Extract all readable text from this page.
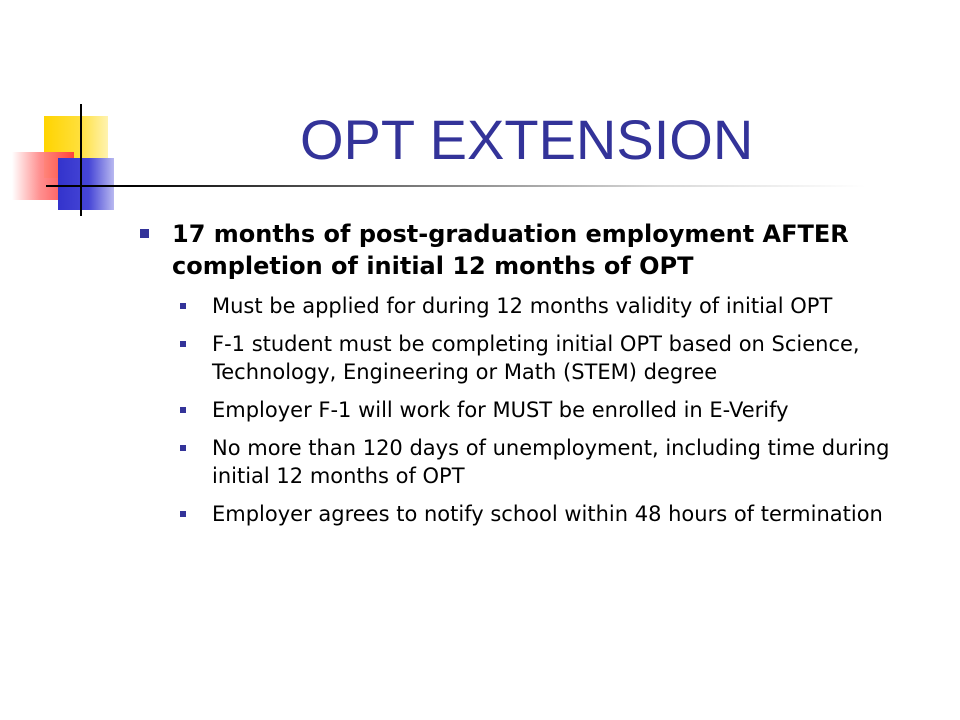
OPT EXTENSION
17 months of post-graduation employment AFTER completion of initial 12 months of OPT
Must be applied for during 12 months validity of initial OPT
F-1 student must be completing initial OPT based on Science, Technology, Engineering or Math (STEM) degree
Employer F-1 will work for MUST be enrolled in E-Verify
No more than 120 days of unemployment, including time during initial 12 months of OPT
Employer agrees to notify school within 48 hours of termination
